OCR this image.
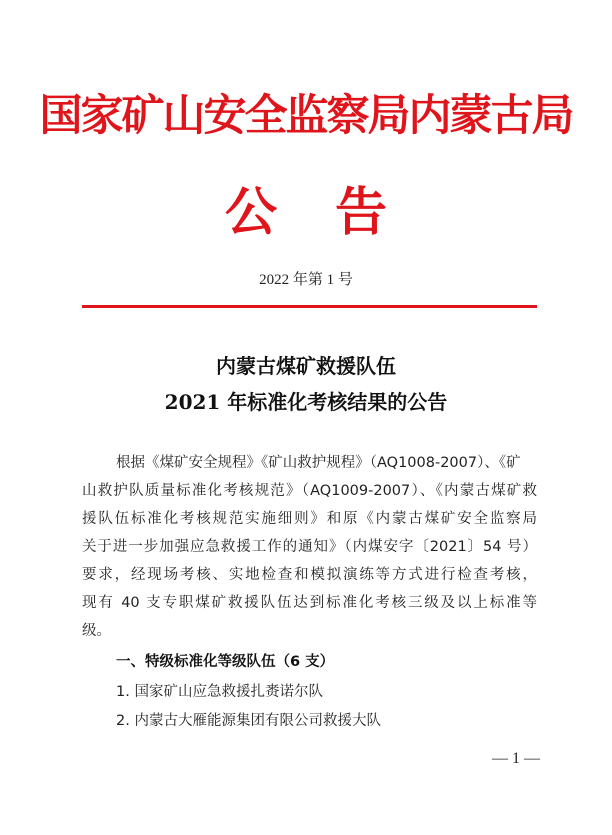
国家矿山安全监察局内蒙古局
公告
2022 年第 1 号
内蒙古煤矿救援队伍
2021 年标准化考核结果的公告
根据《煤矿安全规程》《矿山救护规程》（AQ1008-2007）、《矿
山救护队质量标准化考核规范》（AQ1009-2007）、《内蒙古煤矿救
援队伍标准化考核规范实施细则》和原《内蒙古煤矿安全监察局
关于进一步加强应急救援工作的通知》（内煤安字〔2021〕54 号）
要求，经现场考核、实地检查和模拟演练等方式进行检查考核，
现有 40 支专职煤矿救援队伍达到标准化考核三级及以上标准等
级。
一、特级标准化等级队伍（6 支）
1. 国家矿山应急救援扎赉诺尔队
2. 内蒙古大雁能源集团有限公司救援大队
— 1 —
